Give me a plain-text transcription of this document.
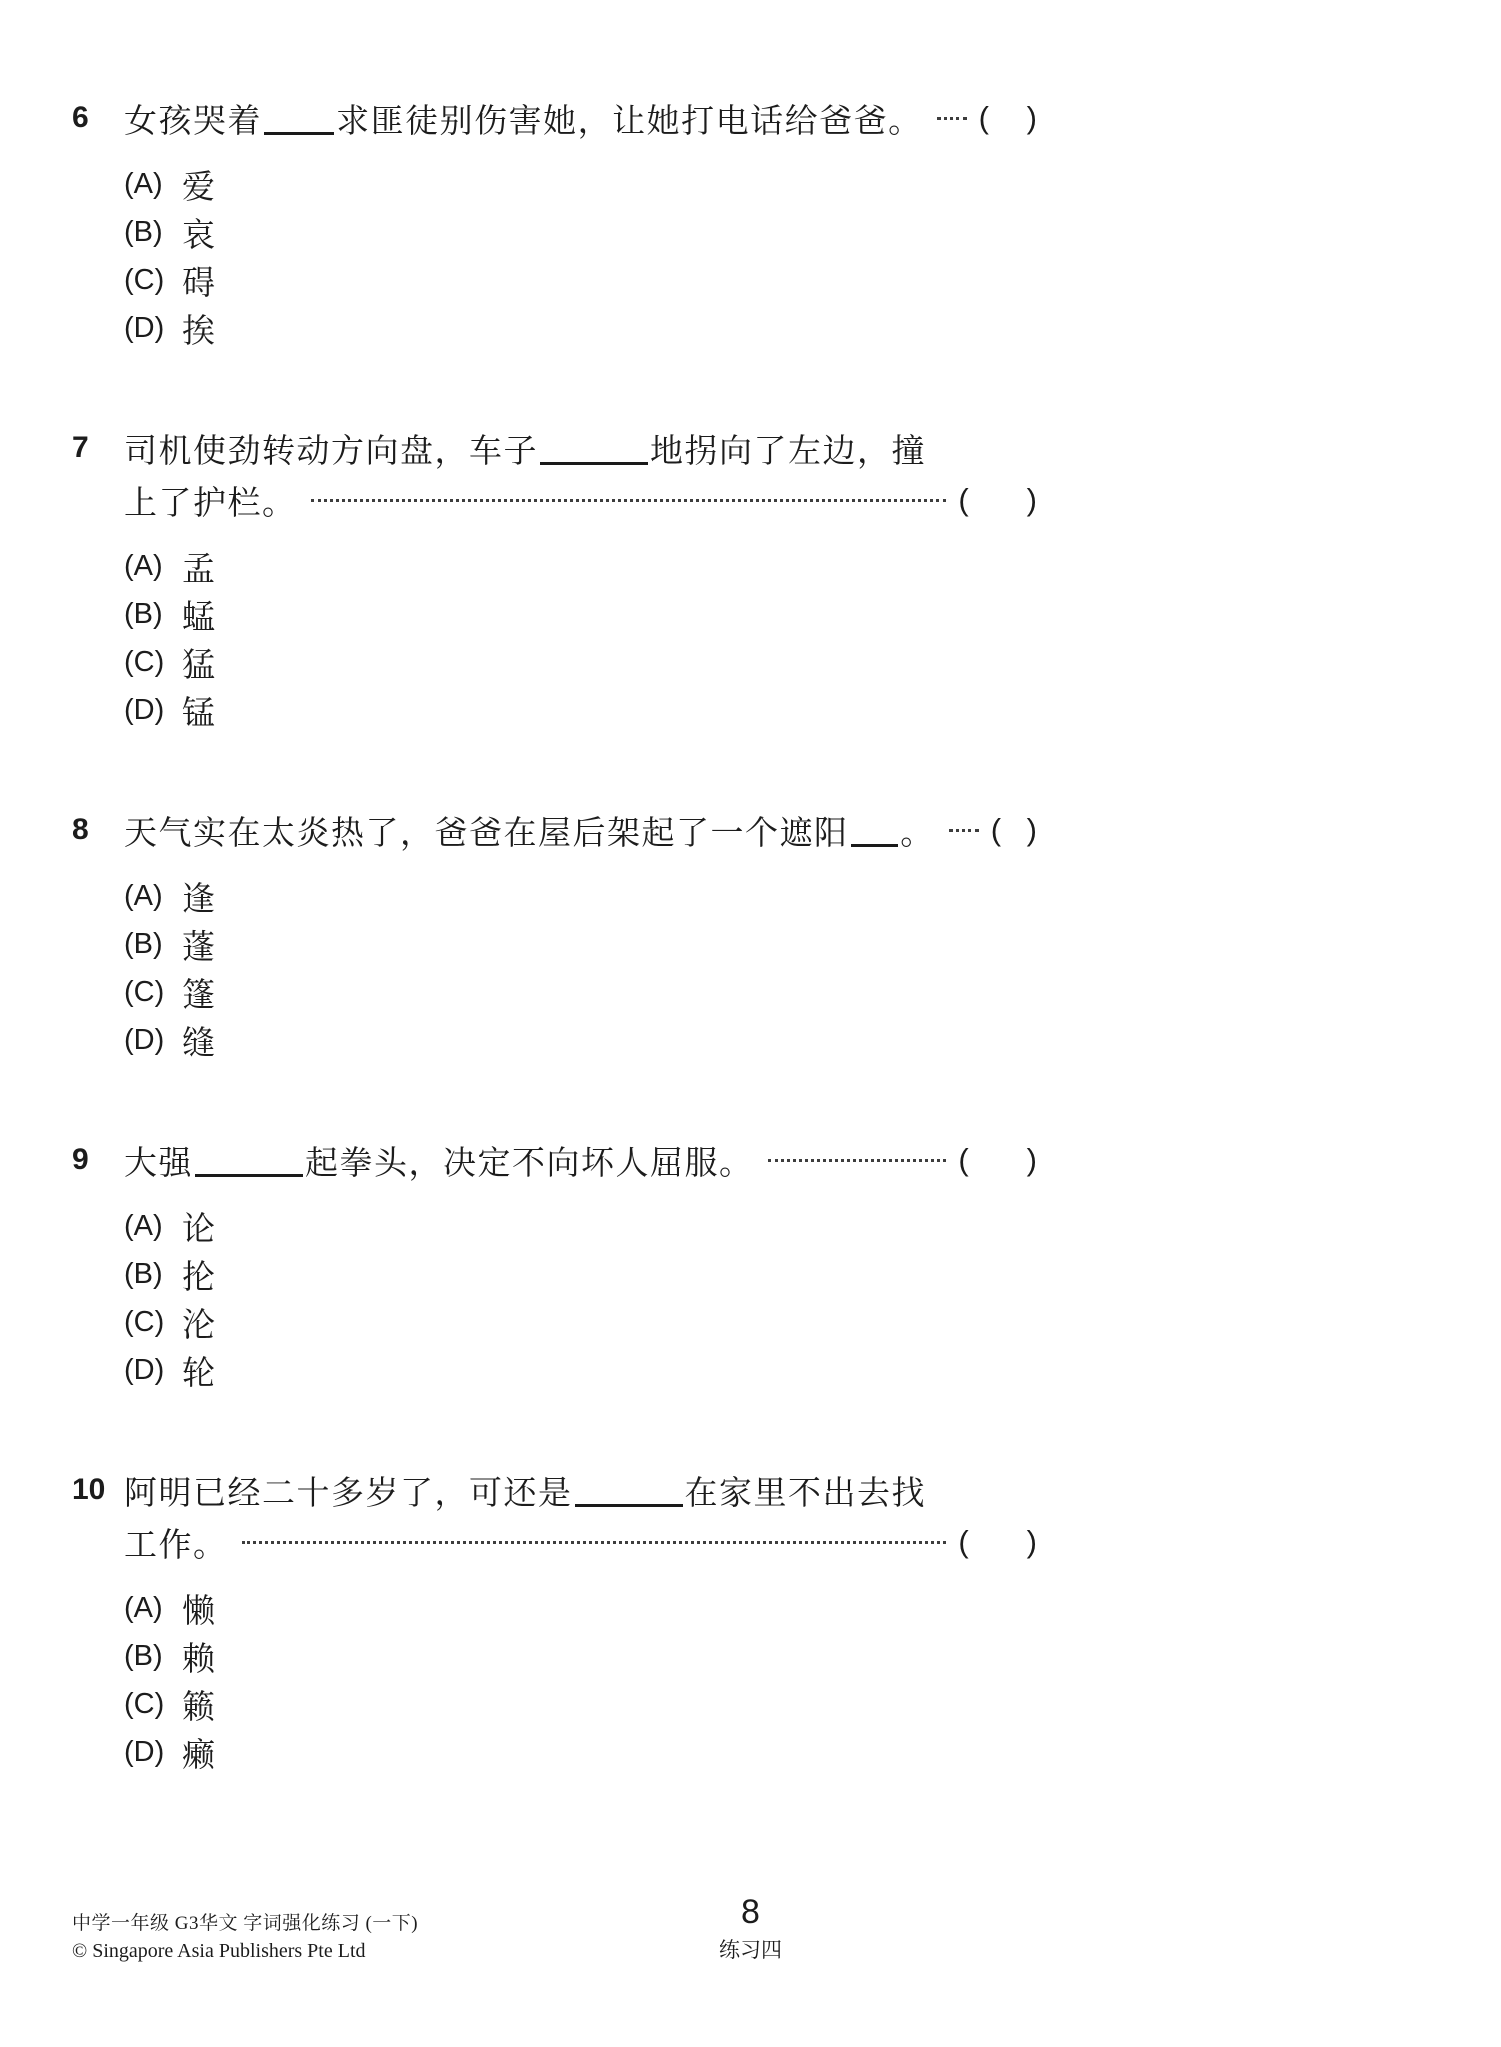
6	女孩哭着 求匪徒别伤害她，让她打电话给爸爸。 ( )
(A) 爱
(B) 哀
(C) 碍
(D) 挨
7	司机使劲转动方向盘，车子	地拐向了左边，撞
上了护栏。	( )
(A) 孟
(B) 蜢
(C) 猛
(D) 锰
8	天气实在太炎热了，爸爸在屋后架起了一个遮阳 。 ( )
(A) 逢
(B) 蓬
(C) 篷
(D) 缝
9	大强	起拳头，决定不向坏人屈服。	( )
(A) 论
(B) 抡
(C) 沦
(D) 轮
10 阿明已经二十多岁了，可还是	在家里不出去找
工作。	( )
(A) 懒
(B) 赖
(C) 籁
(D) 癞
中学一年级 G3华文 字词强化练习 (一下)
© Singapore Asia Publishers Pte Ltd
8
练习四
